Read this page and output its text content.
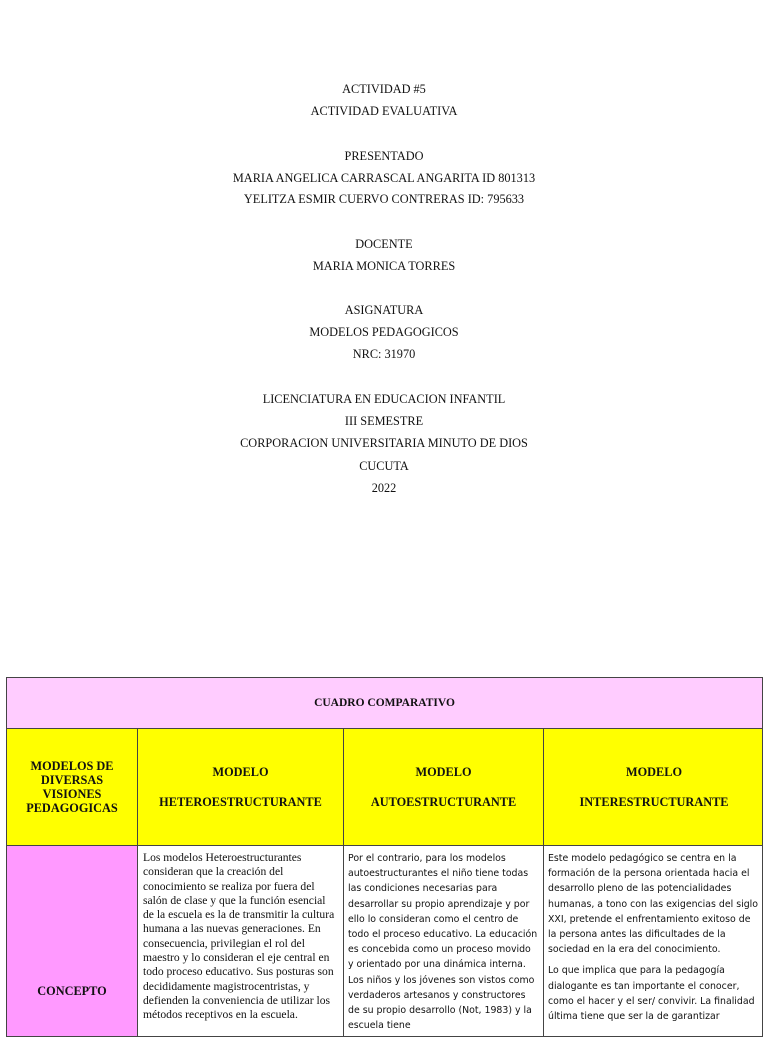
ACTIVIDAD #5
ACTIVIDAD EVALUATIVA
PRESENTADO
MARIA ANGELICA CARRASCAL ANGARITA ID 801313
YELITZA ESMIR CUERVO CONTRERAS ID: 795633
DOCENTE
MARIA MONICA TORRES
ASIGNATURA
MODELOS PEDAGOGICOS
NRC: 31970
LICENCIATURA EN EDUCACION INFANTIL
III SEMESTRE
CORPORACION UNIVERSITARIA MINUTO DE DIOS
CUCUTA
2022
CUADRO COMPARATIVO
MODELOS DE DIVERSAS VISIONES PEDAGOGICAS
MODELO
HETEROESTRUCTURANTE
MODELO
AUTOESTRUCTURANTE
MODELO
INTERESTRUCTURANTE
CONCEPTO
Los modelos Heteroestructurantes consideran que la creación del conocimiento se realiza por fuera del salón de clase y que la función esencial de la escuela es la de transmitir la cultura humana a las nuevas generaciones. En consecuencia, privilegian el rol del maestro y lo consideran el eje central en todo proceso educativo. Sus posturas son decididamente magistrocentristas, y defienden la conveniencia de utilizar los métodos receptivos en la escuela.
Por el contrario, para los modelos autoestructurantes el niño tiene todas las condiciones necesarias para desarrollar su propio aprendizaje y por ello lo consideran como el centro de todo el proceso educativo. La educación es concebida como un proceso movido y orientado por una dinámica interna. Los niños y los jóvenes son vistos como verdaderos artesanos y constructores de su propio desarrollo (Not, 1983) y la escuela tiene

Este modelo pedagógico se centra en la formación de la persona orientada hacia el desarrollo pleno de las potencialidades humanas, a tono con las exigencias del siglo XXI, pretende el enfrentamiento exitoso de la persona antes las dificultades de la sociedad en la era del conocimiento.

Lo que implica que para la pedagogía dialogante es tan importante el conocer, como el hacer y el ser/ convivir. La finalidad última tiene que ser la de garantizar
